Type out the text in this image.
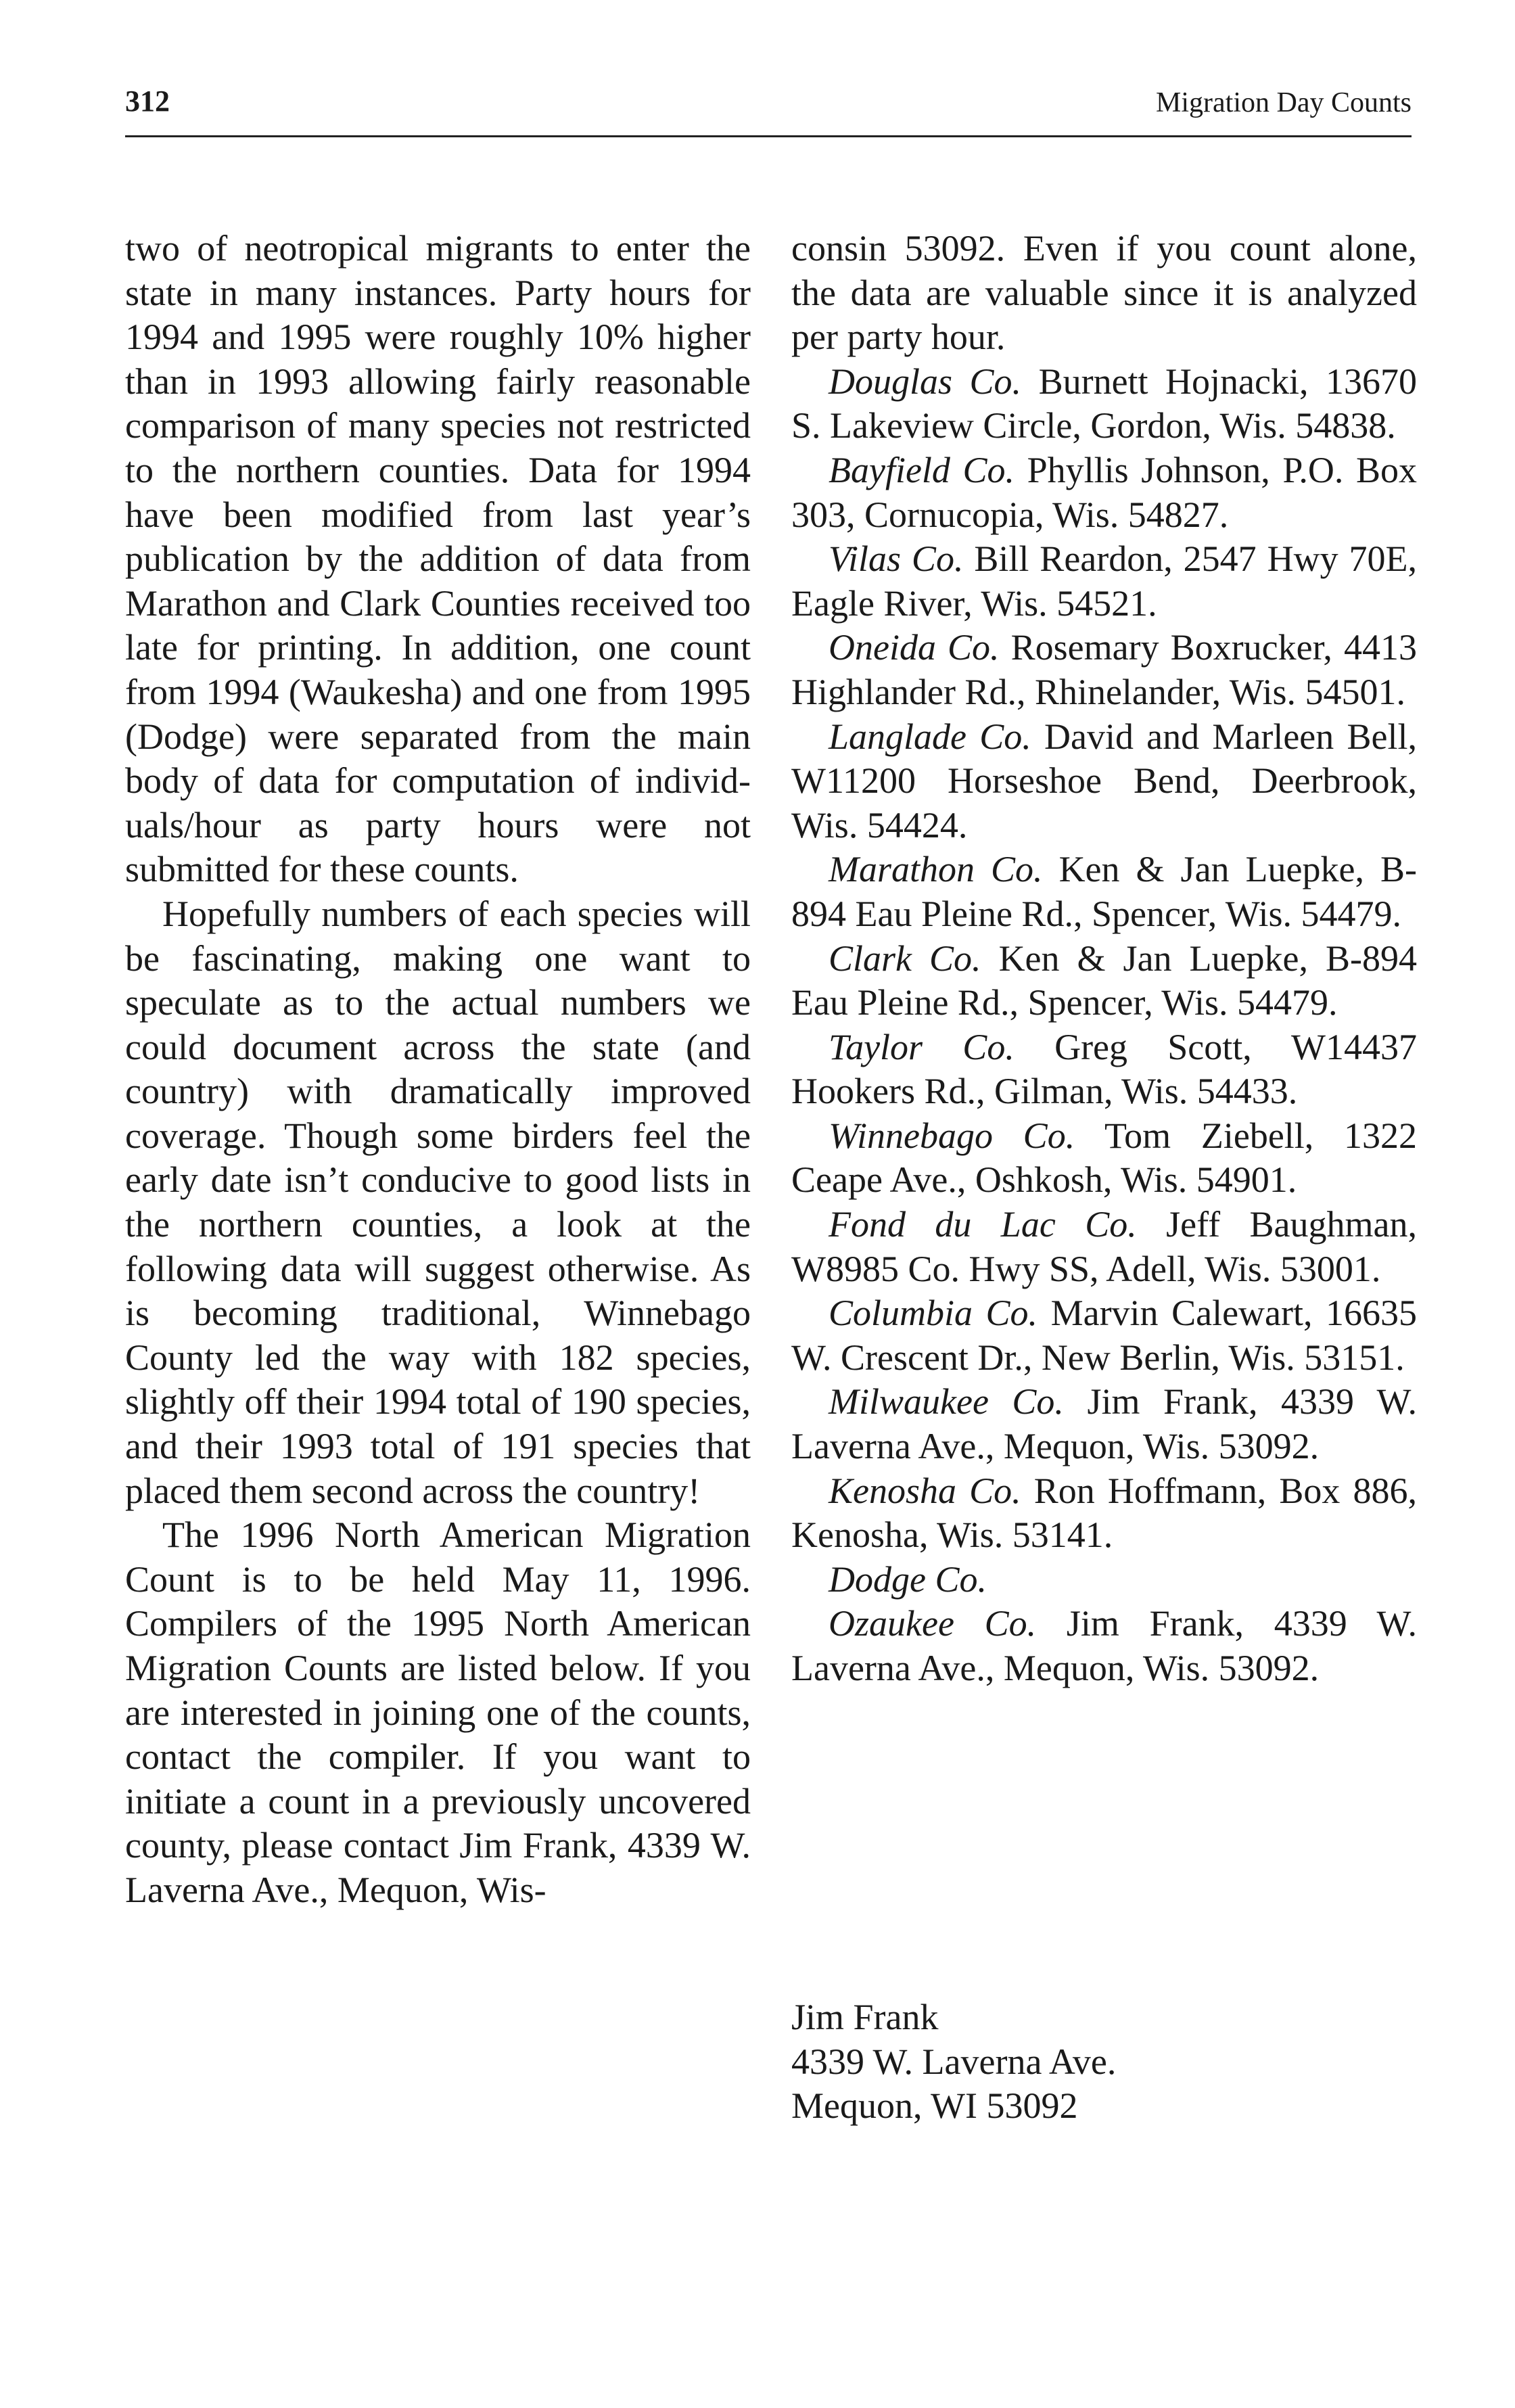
312	Migration Day Counts

two of neotropical migrants to enter the state in many instances. Party hours for 1994 and 1995 were roughly 10% higher than in 1993 allowing fairly reasonable comparison of many species not restricted to the northern counties. Data for 1994 have been modified from last year’s publication by the addition of data from Marathon and Clark Counties received too late for printing. In addition, one count from 1994 (Waukesha) and one from 1995 (Dodge) were separated from the main body of data for computation of individuals/hour as party hours were not submitted for these counts.

Hopefully numbers of each species will be fascinating, making one want to speculate as to the actual numbers we could document across the state (and country) with dramatically improved coverage. Though some birders feel the early date isn’t conducive to good lists in the northern counties, a look at the following data will suggest otherwise. As is becoming traditional, Winnebago County led the way with 182 species, slightly off their 1994 total of 190 species, and their 1993 total of 191 species that placed them second across the country!

The 1996 North American Migration Count is to be held May 11, 1996. Compilers of the 1995 North American Migration Counts are listed below. If you are interested in joining one of the counts, contact the compiler. If you want to initiate a count in a previously uncovered county, please contact Jim Frank, 4339 W. Laverna Ave., Mequon, Wis-

consin 53092. Even if you count alone, the data are valuable since it is analyzed per party hour.

Douglas Co. Burnett Hojnacki, 13670 S. Lakeview Circle, Gordon, Wis. 54838.

Bayfield Co. Phyllis Johnson, P.O. Box 303, Cornucopia, Wis. 54827.

Vilas Co. Bill Reardon, 2547 Hwy 70E, Eagle River, Wis. 54521.

Oneida Co. Rosemary Boxrucker, 4413 Highlander Rd., Rhinelander, Wis. 54501.

Langlade Co. David and Marleen Bell, W11200 Horseshoe Bend, Deerbrook, Wis. 54424.

Marathon Co. Ken & Jan Luepke, B-894 Eau Pleine Rd., Spencer, Wis. 54479.

Clark Co. Ken & Jan Luepke, B-894 Eau Pleine Rd., Spencer, Wis. 54479.

Taylor Co. Greg Scott, W14437 Hookers Rd., Gilman, Wis. 54433.

Winnebago Co. Tom Ziebell, 1322 Ceape Ave., Oshkosh, Wis. 54901.

Fond du Lac Co. Jeff Baughman, W8985 Co. Hwy SS, Adell, Wis. 53001.

Columbia Co. Marvin Calewart, 16635 W. Crescent Dr., New Berlin, Wis. 53151.

Milwaukee Co. Jim Frank, 4339 W. Laverna Ave., Mequon, Wis. 53092.

Kenosha Co. Ron Hoffmann, Box 886, Kenosha, Wis. 53141.

Dodge Co.

Ozaukee Co. Jim Frank, 4339 W. Laverna Ave., Mequon, Wis. 53092.

Jim Frank
4339 W. Laverna Ave.
Mequon, WI 53092
